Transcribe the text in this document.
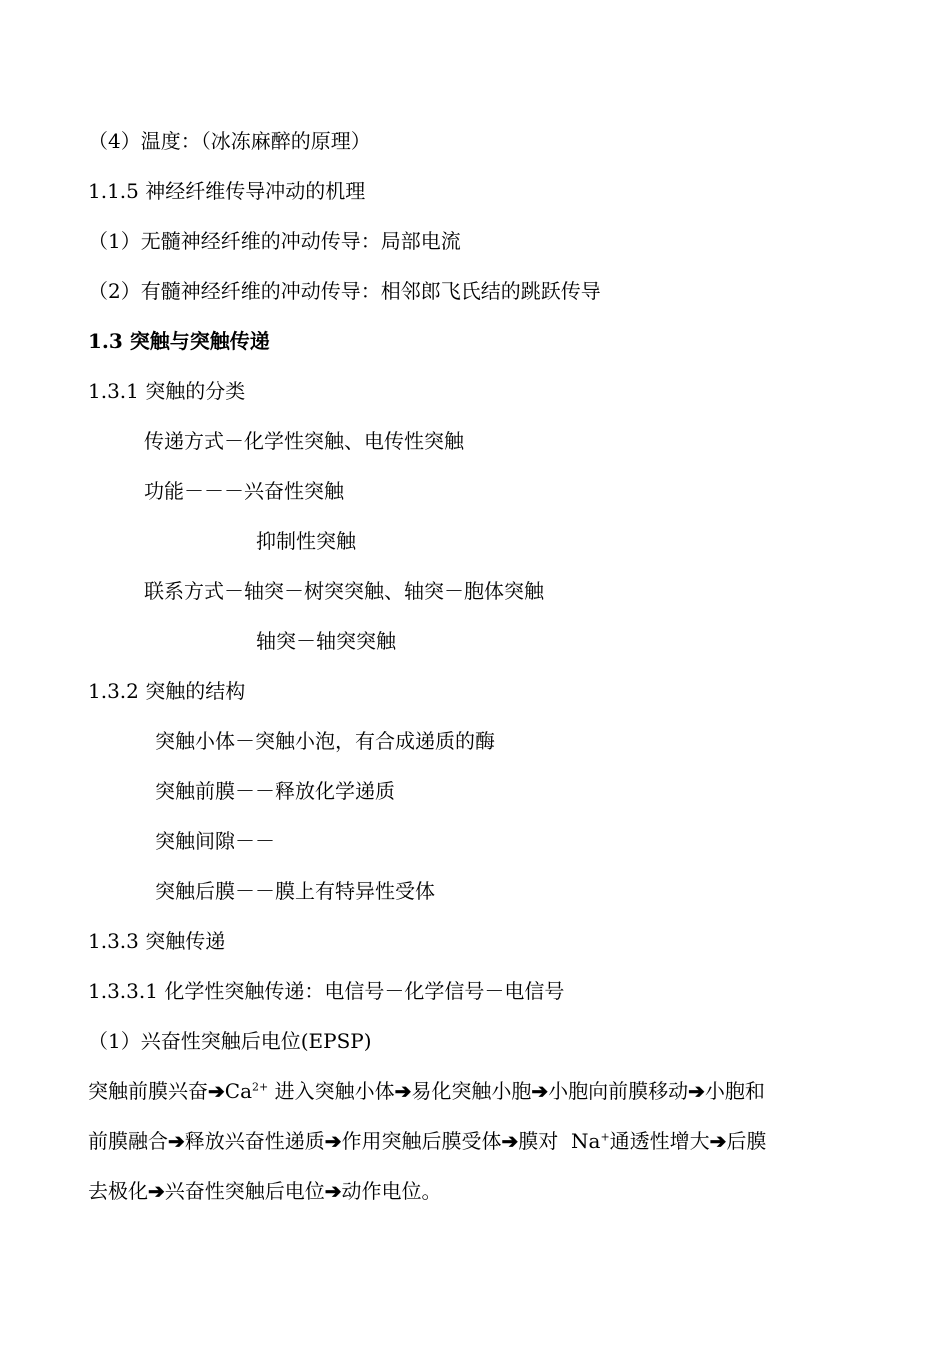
（4）温度：（冰冻麻醉的原理）
1.1.5 神经纤维传导冲动的机理
（1）无髓神经纤维的冲动传导：局部电流
（2）有髓神经纤维的冲动传导：相邻郎飞氏结的跳跃传导
1.3 突触与突触传递
1.3.1 突触的分类
传递方式－化学性突触、电传性突触
功能－－－兴奋性突触
抑制性突触
联系方式－轴突－树突突触、轴突－胞体突触
轴突－轴突突触
1.3.2 突触的结构
突触小体－突触小泡，有合成递质的酶
突触前膜－－释放化学递质
突触间隙－－
突触后膜－－膜上有特异性受体
1.3.3 突触传递
1.3.3.1 化学性突触传递：电信号－化学信号－电信号
（1）兴奋性突触后电位(EPSP)
突触前膜兴奋$➔Ca^{2+}$ 进入突触小体➔易化突触小胞➔小胞向前膜移动➔小胞和
前膜融合➔释放兴奋性递质➔作用突触后膜受体➔膜对  Na+通透性增大➔后膜
去极化➔兴奋性突触后电位➔动作电位。
